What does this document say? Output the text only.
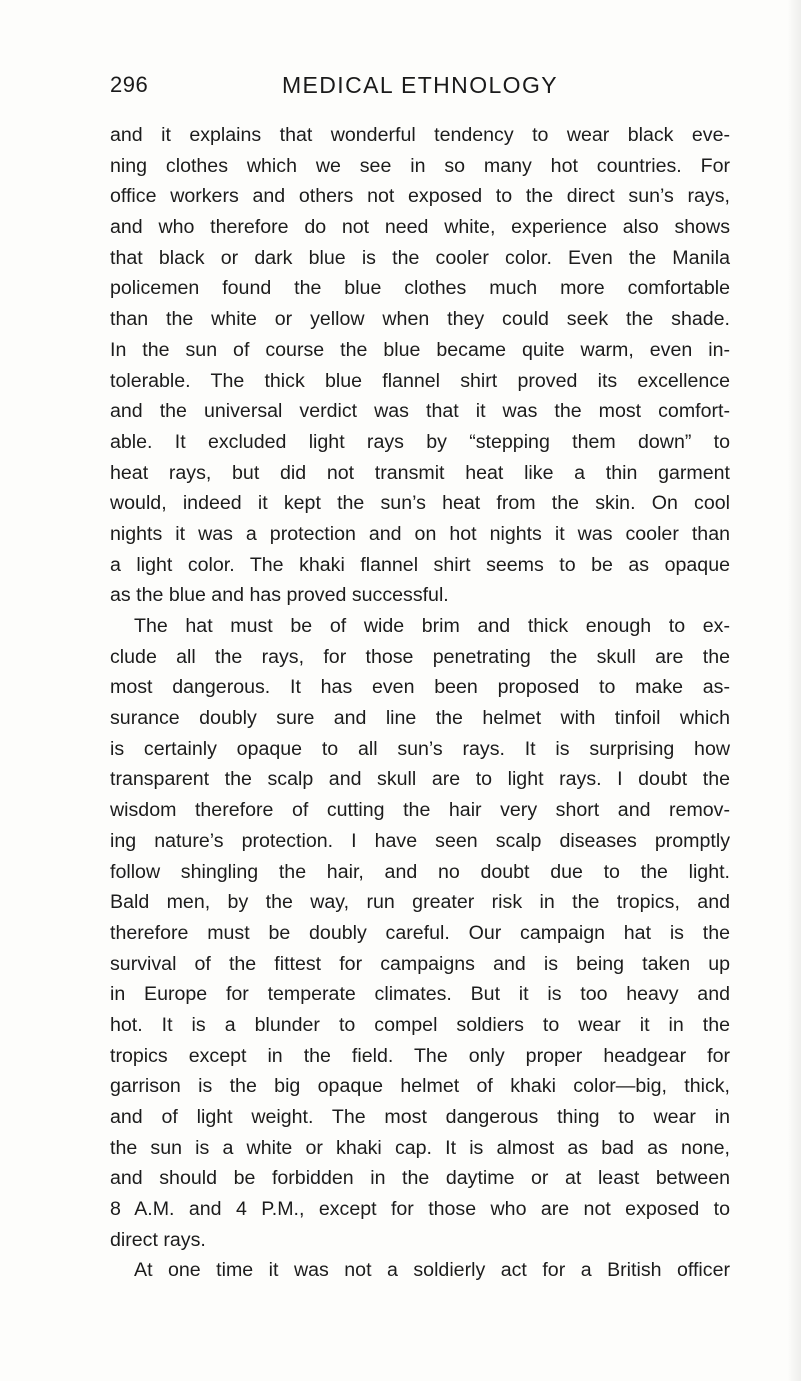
296	MEDICAL ETHNOLOGY
and it explains that wonderful tendency to wear black eve-
ning clothes which we see in so many hot countries. For
office workers and others not exposed to the direct sun’s rays,
and who therefore do not need white, experience also shows
that black or dark blue is the cooler color. Even the Manila
policemen found the blue clothes much more comfortable
than the white or yellow when they could seek the shade.
In the sun of course the blue became quite warm, even in-
tolerable. The thick blue flannel shirt proved its excellence
and the universal verdict was that it was the most comfort-
able. It excluded light rays by “stepping them down” to
heat rays, but did not transmit heat like a thin garment
would, indeed it kept the sun’s heat from the skin. On cool
nights it was a protection and on hot nights it was cooler than
a light color. The khaki flannel shirt seems to be as opaque
as the blue and has proved successful.
The hat must be of wide brim and thick enough to ex-
clude all the rays, for those penetrating the skull are the
most dangerous. It has even been proposed to make as-
surance doubly sure and line the helmet with tinfoil which
is certainly opaque to all sun’s rays. It is surprising how
transparent the scalp and skull are to light rays. I doubt the
wisdom therefore of cutting the hair very short and remov-
ing nature’s protection. I have seen scalp diseases promptly
follow shingling the hair, and no doubt due to the light.
Bald men, by the way, run greater risk in the tropics, and
therefore must be doubly careful. Our campaign hat is the
survival of the fittest for campaigns and is being taken up
in Europe for temperate climates. But it is too heavy and
hot. It is a blunder to compel soldiers to wear it in the
tropics except in the field. The only proper headgear for
garrison is the big opaque helmet of khaki color—big, thick,
and of light weight. The most dangerous thing to wear in
the sun is a white or khaki cap. It is almost as bad as none,
and should be forbidden in the daytime or at least between
8 A.M. and 4 P.M., except for those who are not exposed to
direct rays.
At one time it was not a soldierly act for a British officer
